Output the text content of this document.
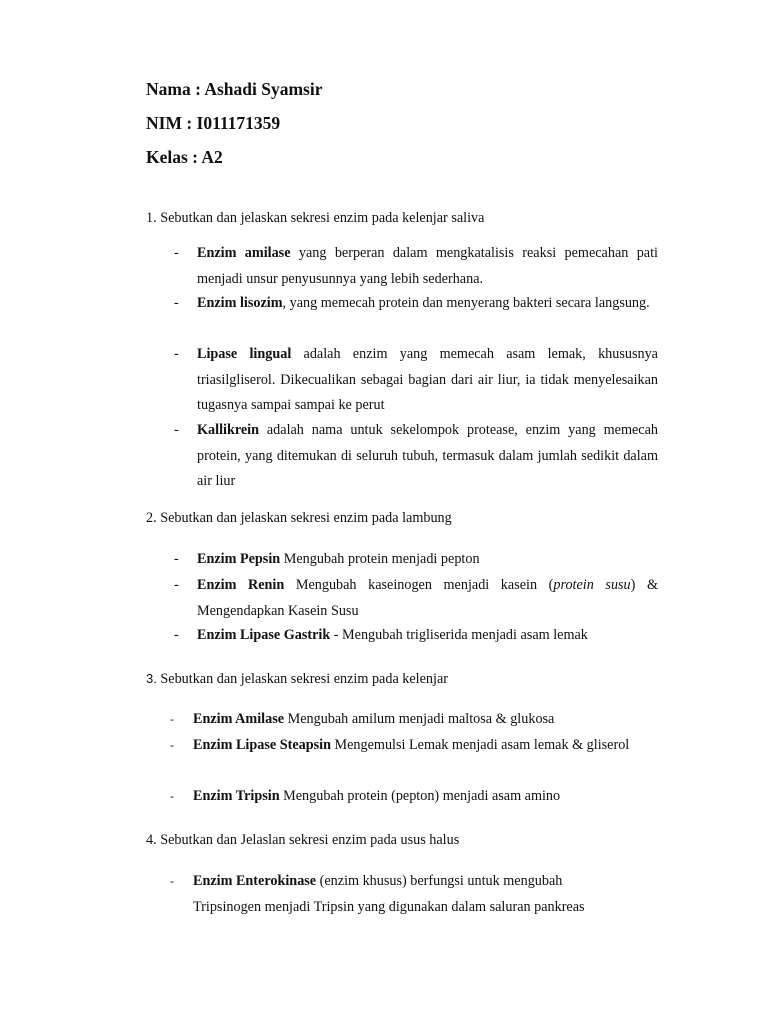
Nama : Ashadi Syamsir
NIM : I011171359
Kelas : A2
1. Sebutkan dan jelaskan sekresi enzim pada kelenjar saliva
- Enzim amilase yang berperan dalam mengkatalisis reaksi pemecahan pati menjadi unsur penyusunnya yang lebih sederhana.
- Enzim lisozim, yang memecah protein dan menyerang bakteri secara langsung.
- Lipase lingual adalah enzim yang memecah asam lemak, khususnya triasilgliserol. Dikecualikan sebagai bagian dari air liur, ia tidak menyelesaikan tugasnya sampai sampai ke perut
- Kallikrein adalah nama untuk sekelompok protease, enzim yang memecah protein, yang ditemukan di seluruh tubuh, termasuk dalam jumlah sedikit dalam air liur
2. Sebutkan dan jelaskan sekresi enzim pada lambung
- Enzim Pepsin Mengubah protein menjadi pepton
- Enzim Renin Mengubah kaseinogen menjadi kasein (protein susu) & Mengendapkan Kasein Susu
- Enzim Lipase Gastrik - Mengubah trigliserida menjadi asam lemak
3. Sebutkan dan jelaskan sekresi enzim pada kelenjar
- Enzim Amilase Mengubah amilum menjadi maltosa & glukosa
- Enzim Lipase Steapsin Mengemulsi Lemak menjadi asam lemak & gliserol
- Enzim Tripsin Mengubah protein (pepton) menjadi asam amino
4. Sebutkan dan Jelaslan sekresi enzim pada usus halus
- Enzim Enterokinase (enzim khusus) berfungsi untuk mengubah
Tripsinogen menjadi Tripsin yang digunakan dalam saluran pankreas
